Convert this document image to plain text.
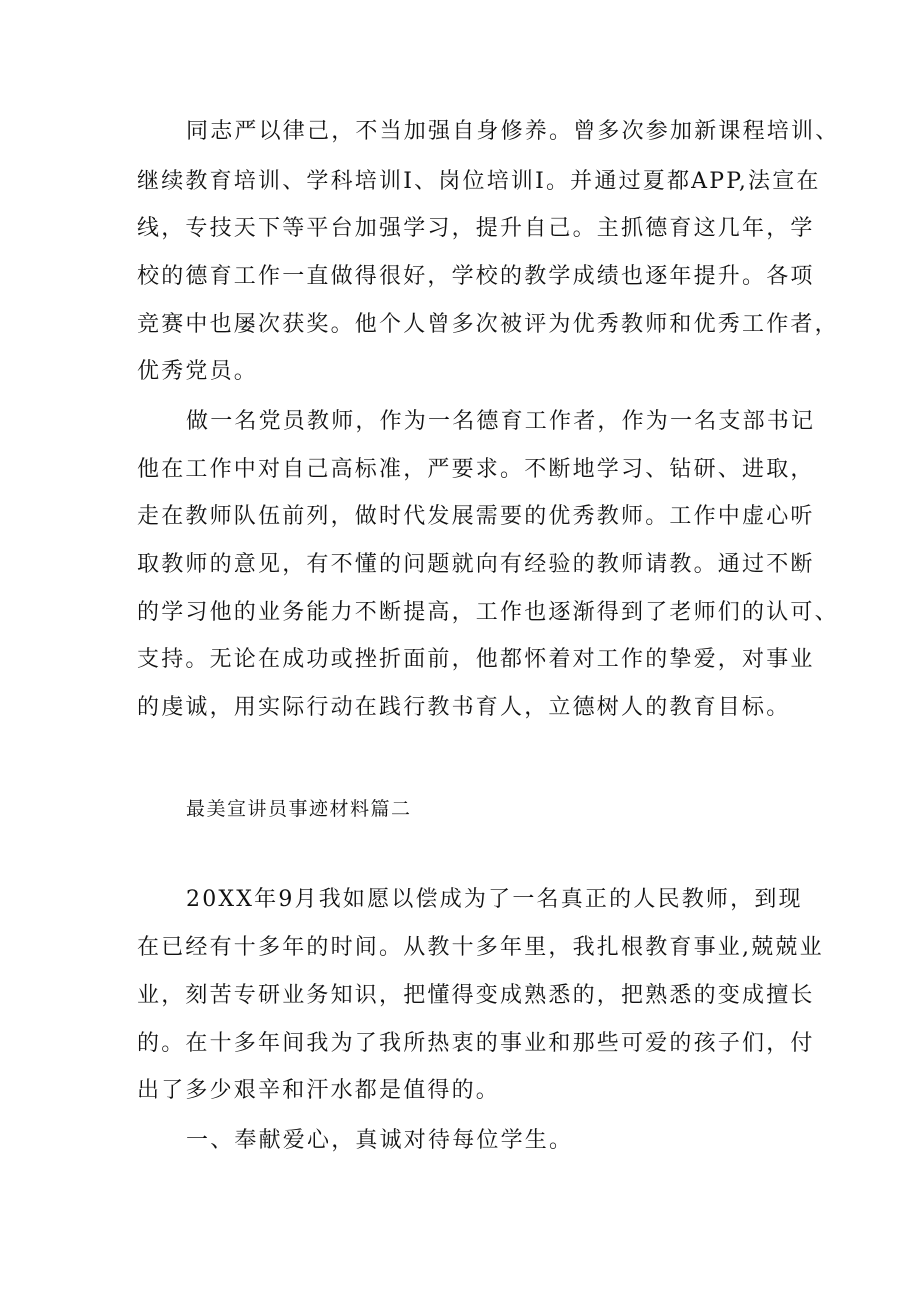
同志严以律己，不当加强自身修养。曾多次参加新课程培训、
继续教育培训、学科培训I、岗位培训I。并通过夏都APP,法宣在
线，专技天下等平台加强学习，提升自己。主抓德育这几年，学
校的德育工作一直做得很好，学校的教学成绩也逐年提升。各项
竞赛中也屡次获奖。他个人曾多次被评为优秀教师和优秀工作者，
优秀党员。
做一名党员教师，作为一名德育工作者，作为一名支部书记
他在工作中对自己高标准，严要求。不断地学习、钻研、进取，
走在教师队伍前列，做时代发展需要的优秀教师。工作中虚心听
取教师的意见，有不懂的问题就向有经验的教师请教。通过不断
的学习他的业务能力不断提高，工作也逐渐得到了老师们的认可、
支持。无论在成功或挫折面前，他都怀着对工作的挚爱，对事业
的虔诚，用实际行动在践行教书育人，立德树人的教育目标。
最美宣讲员事迹材料篇二
20XX年9月我如愿以偿成为了一名真正的人民教师，到现
在已经有十多年的时间。从教十多年里，我扎根教育事业,兢兢业
业，刻苦专研业务知识，把懂得变成熟悉的，把熟悉的变成擅长
的。在十多年间我为了我所热衷的事业和那些可爱的孩子们，付
出了多少艰辛和汗水都是值得的。
一、奉献爱心，真诚对待每位学生。
